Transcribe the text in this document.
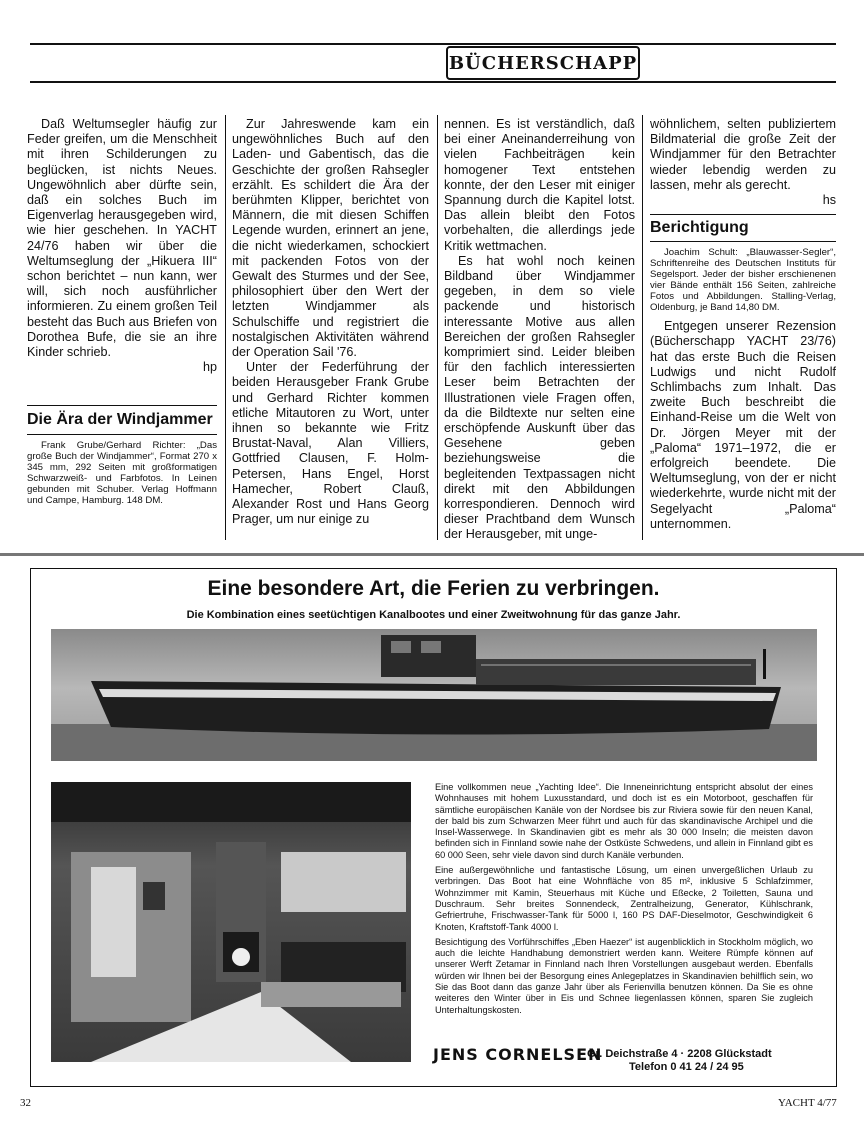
BÜCHERSCHAPP

Daß Weltumsegler häufig zur Feder greifen, um die Menschheit mit ihren Schilderungen zu beglücken, ist nichts Neues. Ungewöhnlich aber dürfte sein, daß ein solches Buch im Eigenverlag herausgegeben wird, wie hier geschehen. In YACHT 24/76 haben wir über die Weltumseglung der „Hikuera III“ schon berichtet – nun kann, wer will, sich noch ausführlicher informieren. Zu einem großen Teil besteht das Buch aus Briefen von Dorothea Bufe, die sie an ihre Kinder schrieb.

hp
Die Ära der Windjammer

Frank Grube/Gerhard Richter: „Das große Buch der Windjammer“, Format 270 x 345 mm, 292 Seiten mit großformatigen Schwarzweiß- und Farbfotos. In Leinen gebunden mit Schuber. Verlag Hoffmann und Campe, Hamburg. 148 DM.

Zur Jahreswende kam ein ungewöhnliches Buch auf den Laden- und Gabentisch, das die Geschichte der großen Rahsegler erzählt. Es schildert die Ära der berühmten Klipper, berichtet von Männern, die mit diesen Schiffen Legende wurden, erinnert an jene, die nicht wiederkamen, schockiert mit packenden Fotos von der Gewalt des Sturmes und der See, philosophiert über den Wert der letzten Windjammer als Schulschiffe und registriert die nostalgischen Aktivitäten während der Operation Sail '76.

Unter der Federführung der beiden Herausgeber Frank Grube und Gerhard Richter kommen etliche Mitautoren zu Wort, unter ihnen so bekannte wie Fritz Brustat-Naval, Alan Villiers, Gottfried Clausen, F. Holm-Petersen, Hans Engel, Horst Hamecher, Robert Clauß, Alexander Rost und Hans Georg Prager, um nur einige zu

nennen. Es ist verständlich, daß bei einer Aneinanderreihung von vielen Fachbeiträgen kein homogener Text entstehen konnte, der den Leser mit einiger Spannung durch die Kapitel lotst. Das allein bleibt den Fotos vorbehalten, die allerdings jede Kritik wettmachen.

Es hat wohl noch keinen Bildband über Windjammer gegeben, in dem so viele packende und historisch interessante Motive aus allen Bereichen der großen Rahsegler komprimiert sind. Leider bleiben für den fachlich interessierten Leser beim Betrachten der Illustrationen viele Fragen offen, da die Bildtexte nur selten eine erschöpfende Auskunft über das Gesehene geben beziehungsweise die begleitenden Textpassagen nicht direkt mit den Abbildungen korrespondieren. Dennoch wird dieser Prachtband dem Wunsch der Herausgeber, mit unge-

wöhnlichem, selten publiziertem Bildmaterial die große Zeit der Windjammer für den Betrachter wieder lebendig werden zu lassen, mehr als gerecht.

hs
Berichtigung

Joachim Schult: „Blauwasser-Segler“, Schriftenreihe des Deutschen Instituts für Segelsport. Jeder der bisher erschienenen vier Bände enthält 156 Seiten, zahlreiche Fotos und Abbildungen. Stalling-Verlag, Oldenburg, je Band 14,80 DM.

Entgegen unserer Rezension (Bücherschapp YACHT 23/76) hat das erste Buch die Reisen Ludwigs und nicht Rudolf Schlimbachs zum Inhalt. Das zweite Buch beschreibt die Einhand-Reise um die Welt von Dr. Jörgen Meyer mit der „Paloma“ 1971–1972, die er erfolgreich beendete. Die Weltumseglung, von der er nicht wiederkehrte, wurde nicht mit der Segelyacht „Paloma“ unternommen.

Eine besondere Art, die Ferien zu verbringen.
Die Kombination eines seetüchtigen Kanalbootes und einer Zweitwohnung für das ganze Jahr.

Eine vollkommen neue „Yachting Idee“. Die Inneneinrichtung entspricht absolut der eines Wohnhauses mit hohem Luxusstandard, und doch ist es ein Motorboot, geschaffen für sämtliche europäischen Kanäle von der Nordsee bis zur Riviera sowie für den neuen Kanal, der bald bis zum Schwarzen Meer führt und auch für das skandinavische Archipel und die Insel-Wasserwege. In Skandinavien gibt es mehr als 30 000 Inseln; die meisten davon befinden sich in Finnland sowie nahe der Ostküste Schwedens, und allein in Finnland gibt es 60 000 Seen, sehr viele davon sind durch Kanäle verbunden.

Eine außergewöhnliche und fantastische Lösung, um einen unvergeßlichen Urlaub zu verbringen. Das Boot hat eine Wohnfläche von 85 m², inklusive 5 Schlafzimmer, Wohnzimmer mit Kamin, Steuerhaus mit Küche und Eßecke, 2 Toiletten, Sauna und Duschraum. Sehr breites Sonnendeck, Zentralheizung, Generator, Kühlschrank, Gefriertruhe, Frischwasser-Tank für 5000 l, 160 PS DAF-Dieselmotor, Geschwindigkeit 6 Knoten, Kraftstoff-Tank 4000 l.

Besichtigung des Vorführschiffes „Eben Haezer“ ist augenblicklich in Stockholm möglich, wo auch die leichte Handhabung demonstriert werden kann. Weitere Rümpfe können auf unserer Werft Zetamar in Finnland nach Ihren Vorstellungen ausgebaut werden. Ebenfalls würden wir Ihnen bei der Besorgung eines Anlegeplatzes in Skandinavien behilflich sein, wo Sie das Boot dann das ganze Jahr über als Ferienvilla benutzen können. Da Sie es ohne weiteres den Winter über in Eis und Schnee liegenlassen können, sparen Sie zugleich Unterhaltungskosten.

JENS CORNELSEN
Gr. Deichstraße 4 · 2208 Glückstadt
Telefon 0 41 24 / 24 95
32	YACHT 4/77
